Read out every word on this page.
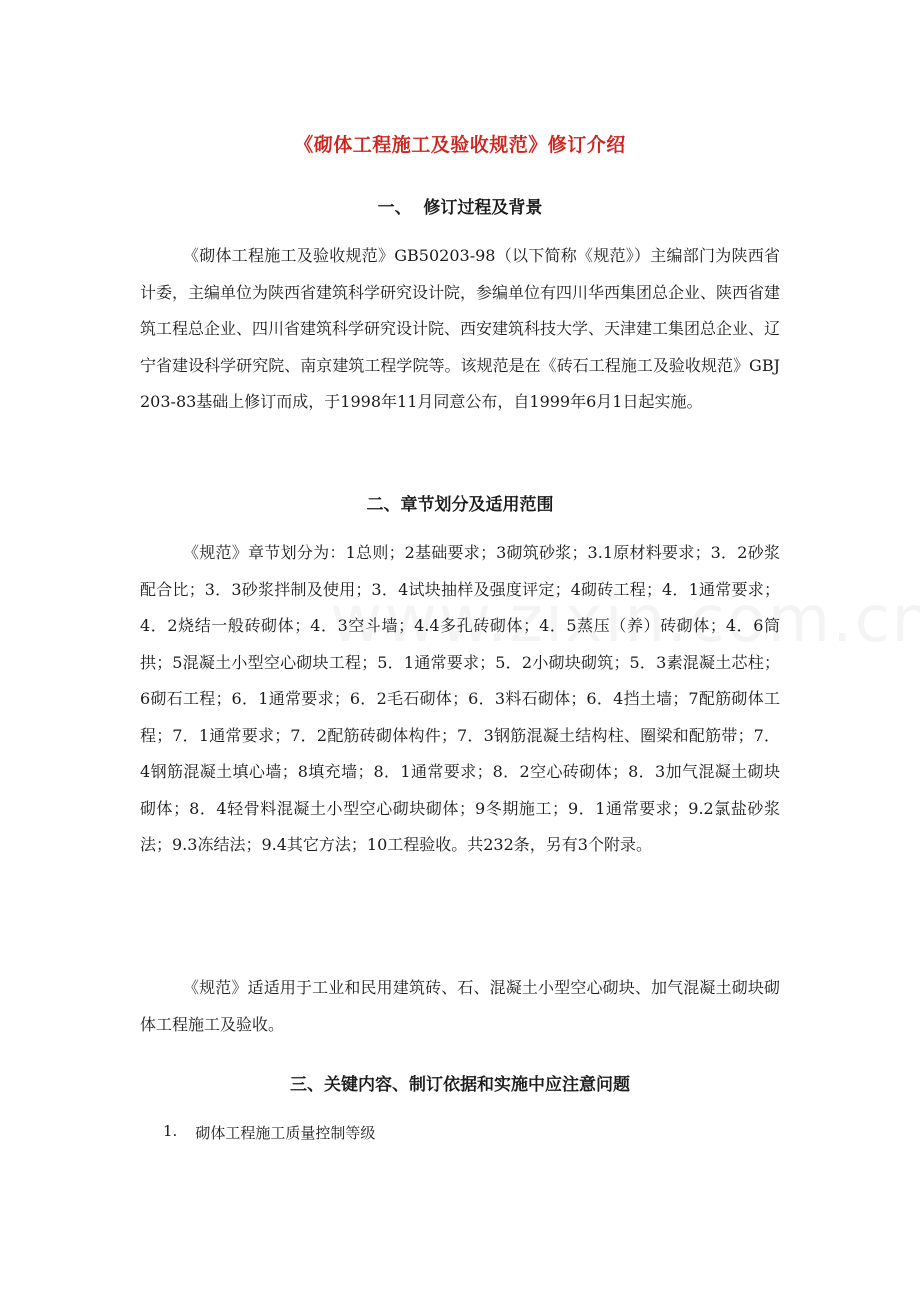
《砌体工程施工及验收规范》修订介绍
一、  修订过程及背景

《砌体工程施工及验收规范》GB50203-98（以下简称《规范》）主编部门为陕西省计委，主编单位为陕西省建筑科学研究设计院，参编单位有四川华西集团总企业、陕西省建筑工程总企业、四川省建筑科学研究设计院、西安建筑科技大学、天津建工集团总企业、辽宁省建设科学研究院、南京建筑工程学院等。该规范是在《砖石工程施工及验收规范》GBJ203-83基础上修订而成，于1998年11月同意公布，自1999年6月1日起实施。

二、章节划分及适用范围

《规范》章节划分为：1总则；2基础要求；3砌筑砂浆；3.1原材料要求；3．2砂浆配合比；3．3砂浆拌制及使用；3．4试块抽样及强度评定；4砌砖工程；4．1通常要求；4．2烧结一般砖砌体；4．3空斗墙；4.4多孔砖砌体；4．5蒸压（养）砖砌体；4．6筒拱；5混凝土小型空心砌块工程；5．1通常要求；5．2小砌块砌筑；5．3素混凝土芯柱；6砌石工程；6．1通常要求；6．2毛石砌体；6．3料石砌体；6．4挡土墙；7配筋砌体工程；7．1通常要求；7．2配筋砖砌体构件；7．3钢筋混凝土结构柱、圈梁和配筋带；7．4钢筋混凝土填心墙；8填充墙；8．1通常要求；8．2空心砖砌体；8．3加气混凝土砌块砌体；8．4轻骨料混凝土小型空心砌块砌体；9冬期施工；9．1通常要求；9.2氯盐砂浆法；9.3冻结法；9.4其它方法；10工程验收。共232条，另有3个附录。

《规范》适适用于工业和民用建筑砖、石、混凝土小型空心砌块、加气混凝土砌块砌体工程施工及验收。

三、关键内容、制订依据和实施中应注意问题
1. 砌体工程施工质量控制等级
